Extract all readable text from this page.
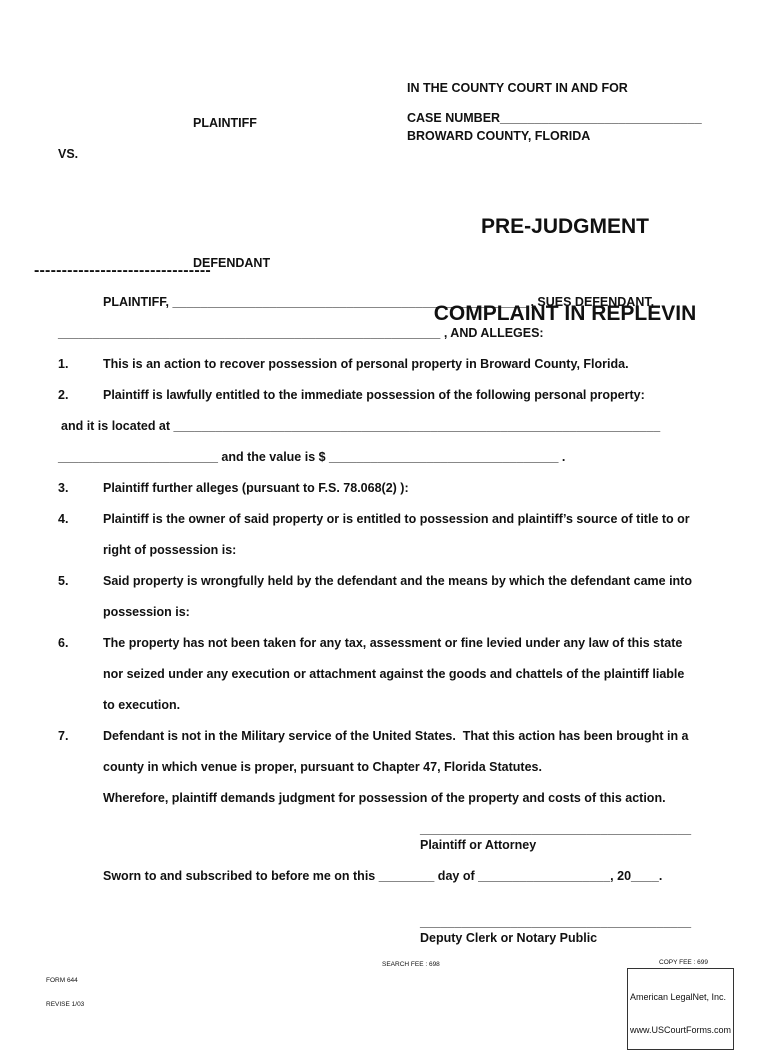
IN THE COUNTY COURT IN AND FOR

BROWARD COUNTY, FLORIDA

PLAINTIFF	CASE NUMBER_____________________________
VS.

PRE-JUDGMENT

COMPLAINT IN REPLEVIN

DEFENDANT
--------------------------------
PLAINTIFF, ___________________________________________________ , SUES DEFENDANT,
_______________________________________________________ , AND ALLEGES:
1.	This is an action to recover possession of personal property in Broward County, Florida.
2.	Plaintiff is lawfully entitled to the immediate possession of the following personal property:
and it is located at ______________________________________________________________________
_______________________ and the value is $ _________________________________ .
3.	Plaintiff further alleges (pursuant to F.S. 78.068(2) ):
4.	Plaintiff is the owner of said property or is entitled to possession and plaintiff’s source of title to or
right of possession is:
5.	Said property is wrongfully held by the defendant and the means by which the defendant came into
possession is:
6.	The property has not been taken for any tax, assessment or fine levied under any law of this state
nor seized under any execution or attachment against the goods and chattels of the plaintiff liable
to execution.
7.	Defendant is not in the Military service of the United States.  That this action has been brought in a
county in which venue is proper, pursuant to Chapter 47, Florida Statutes.
Wherefore, plaintiff demands judgment for possession of the property and costs of this action.
_______________________________________
Plaintiff or Attorney
Sworn to and subscribed to before me on this ________ day of ___________________, 20____.
_______________________________________
Deputy Clerk or Notary Public

FORM 644

REVISE 1/03

SEARCH FEE : 698	COPY FEE : 699

American LegalNet, Inc.

www.USCourtForms.com
